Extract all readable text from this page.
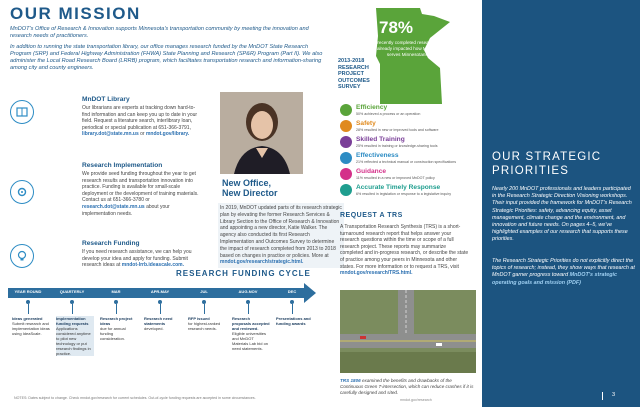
OUR MISSION
MnDOT's Office of Research & Innovation supports Minnesota's transportation community by meeting the innovation and research needs of practitioners.
In addition to running the state transportation library, our office manages research funded by the MnDOT State Research Program (SRP) and Federal Highway Administration (FHWA) State Planning and Research (SP&R) Program (Part II). We also administer the Local Road Research Board (LRRB) program, which facilitates transportation research and information-sharing among city and county engineers.
MnDOT Library
Our librarians are experts at tracking down hard-to-find information and can keep you up to date in your field. Request a literature search, interlibrary loan, periodical or special publication at 651-366-3791, library.dot@state.mn.us or mndot.gov/library.
Research Implementation
We provide seed funding throughout the year to get research results and transportation innovation into practice. Funding is available for small-scale deployment or the development of training materials. Contact us at 651-366-3780 or research.dot@state.mn.us about your implementation needs.
Research Funding
If you need research assistance, we can help you develop your idea and apply for funding. Submit research ideas at mndot-lrrb.ideascale.com.
New Office,
New Director
In 2019, MnDOT updated parts of its research strategic plan by elevating the former Research Services & Library Section to the Office of Research & Innovation and appointing a new director, Katie Walker. The agency also conducted its first Research Implementation and Outcomes Survey to determine the impact of research completed from 2013 to 2018 based on changes in practice or policies. More at mndot.gov/research/strategic.html.
RESEARCH FUNDING CYCLE
YEAR ROUND	QUARTERLY	MAR	APR-MAY	JUL	AUG-NOV	DEC
Ideas generated
Submit research and implementation ideas using IdeaScale.
Implementation funding requests
Applications considered anytime to pilot new technology or put research findings in practice.
Research project ideas
due for annual funding consideration.
Research need statements
developed.
RFP issued
for highest-ranked research needs.
Research proposals accepted and reviewed.
Eligible universities and MnDOT Materials Lab bid on need statements.
Presentations and funding awards
NOTES: Dates subject to change. Check mndot.gov/research for current schedules. Out-of-cycle funding requests are accepted in some circumstances.
78%
of recently completed research has already impacted how MnDOT serves Minnesotans!
2013-2018 RESEARCH PROJECT OUTCOMES SURVEY
Efficiency
50% achieved a process or an operation
Safety
28% resulted in new or improved tools and software
Skilled Training
25% resulted in training or knowledge-sharing tools
Effectiveness
21% reflected a technical manual or construction specifications
Guidance
11% resulted in a new or improved MnDOT policy
Accurate Timely Response
6% resulted in legislation or response to a legislative inquiry
REQUEST A TRS
A Transportation Research Synthesis (TRS) is a short-turnaround research report that helps answer your research questions within the time or scope of a full research project. These reports may summarize completed and in-progress research, or describe the state of practice among your peers in Minnesota and other states. For more information or to request a TRS, visit mndot.gov/research/TRS.html.
TRS 1806 examined the benefits and drawbacks of the Continuous Green T-intersection, which can reduce crashes if it is carefully designed and sited.
mndot.gov/research
OUR STRATEGIC PRIORITIES
Nearly 200 MnDOT professionals and leaders participated in the Research Strategic Direction Visioning workshops. Their input provided the framework for MnDOT's Research Strategic Priorities: safety, advancing equity, asset management, climate change and the environment, and innovation and future needs. On pages 4–5, we've highlighted examples of our research that supports these priorities.
The Research Strategic Priorities do not explicitly direct the topics of research; instead, they show ways that research at MnDOT garner progress toward MnDOT's strategic operating goals and mission (PDF)
3
